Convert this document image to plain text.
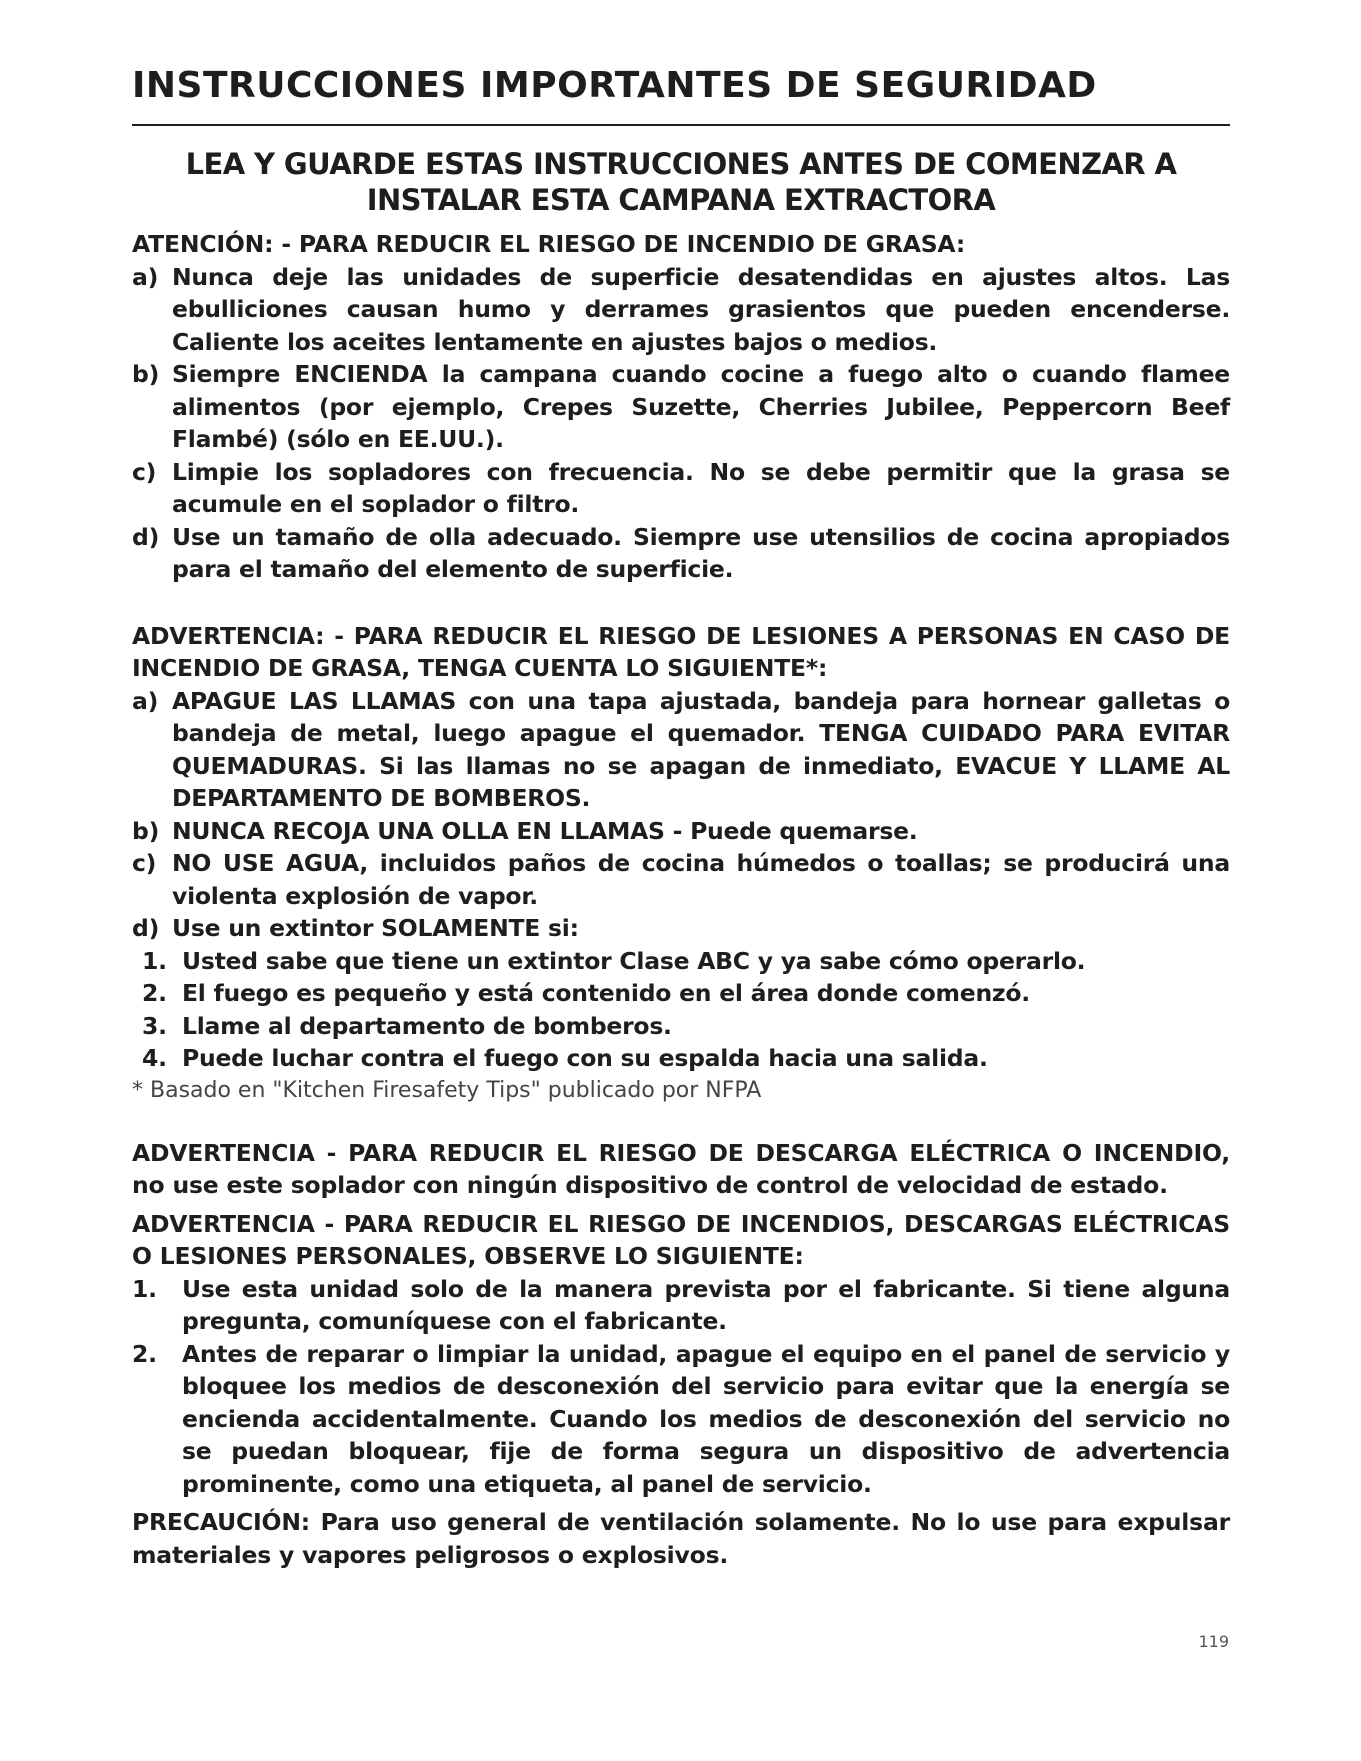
INSTRUCCIONES IMPORTANTES DE SEGURIDAD
LEA Y GUARDE ESTAS INSTRUCCIONES ANTES DE COMENZAR A INSTALAR ESTA CAMPANA EXTRACTORA
ATENCIÓN: - PARA REDUCIR EL RIESGO DE INCENDIO DE GRASA:
a) Nunca deje las unidades de superficie desatendidas en ajustes altos. Las ebulliciones causan humo y derrames grasientos que pueden encenderse. Caliente los aceites lentamente en ajustes bajos o medios.
b) Siempre ENCIENDA la campana cuando cocine a fuego alto o cuando flamee alimentos (por ejemplo, Crepes Suzette, Cherries Jubilee, Peppercorn Beef Flambé) (sólo en EE.UU.).
c) Limpie los sopladores con frecuencia. No se debe permitir que la grasa se acumule en el soplador o filtro.
d) Use un tamaño de olla adecuado. Siempre use utensilios de cocina apropiados para el tamaño del elemento de superficie.
ADVERTENCIA: - PARA REDUCIR EL RIESGO DE LESIONES A PERSONAS EN CASO DE INCENDIO DE GRASA, TENGA CUENTA LO SIGUIENTE*:
a) APAGUE LAS LLAMAS con una tapa ajustada, bandeja para hornear galletas o bandeja de metal, luego apague el quemador. TENGA CUIDADO PARA EVITAR QUEMADURAS. Si las llamas no se apagan de inmediato, EVACUE Y LLAME AL DEPARTAMENTO DE BOMBEROS.
b) NUNCA RECOJA UNA OLLA EN LLAMAS - Puede quemarse.
c) NO USE AGUA, incluidos paños de cocina húmedos o toallas; se producirá una violenta explosión de vapor.
d) Use un extintor SOLAMENTE si:
1. Usted sabe que tiene un extintor Clase ABC y ya sabe cómo operarlo.
2. El fuego es pequeño y está contenido en el área donde comenzó.
3. Llame al departamento de bomberos.
4. Puede luchar contra el fuego con su espalda hacia una salida.
* Basado en "Kitchen Firesafety Tips" publicado por NFPA
ADVERTENCIA - PARA REDUCIR EL RIESGO DE DESCARGA ELÉCTRICA O INCENDIO, no use este soplador con ningún dispositivo de control de velocidad de estado.
ADVERTENCIA - PARA REDUCIR EL RIESGO DE INCENDIOS, DESCARGAS ELÉCTRICAS O LESIONES PERSONALES, OBSERVE LO SIGUIENTE:
1. Use esta unidad solo de la manera prevista por el fabricante. Si tiene alguna pregunta, comuníquese con el fabricante.
2. Antes de reparar o limpiar la unidad, apague el equipo en el panel de servicio y bloquee los medios de desconexión del servicio para evitar que la energía se encienda accidentalmente. Cuando los medios de desconexión del servicio no se puedan bloquear, fije de forma segura un dispositivo de advertencia prominente, como una etiqueta, al panel de servicio.
PRECAUCIÓN: Para uso general de ventilación solamente. No lo use para expulsar materiales y vapores peligrosos o explosivos.
119
